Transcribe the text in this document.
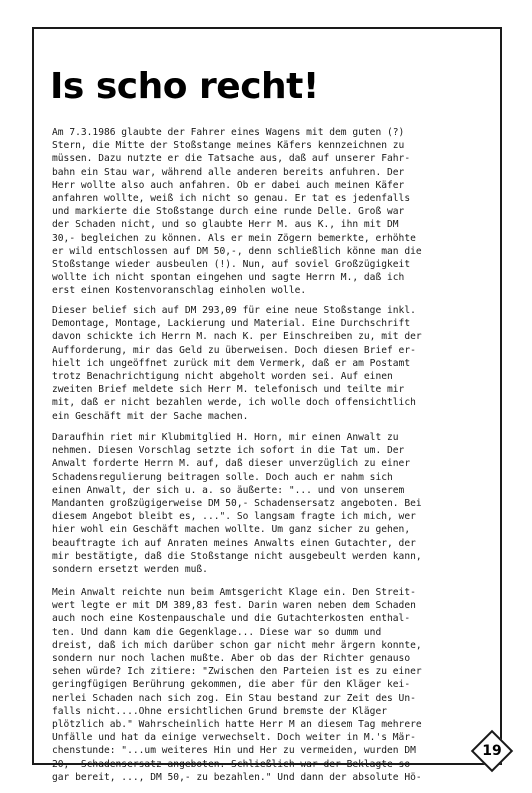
Is scho recht!

Am 7.3.1986 glaubte der Fahrer eines Wagens mit dem guten (?)
Stern, die Mitte der Stoßstange meines Käfers kennzeichnen zu
müssen. Dazu nutzte er die Tatsache aus, daß auf unserer Fahr-
bahn ein Stau war, während alle anderen bereits anfuhren. Der
Herr wollte also auch anfahren. Ob er dabei auch meinen Käfer
anfahren wollte, weiß ich nicht so genau. Er tat es jedenfalls
und markierte die Stoßstange durch eine runde Delle. Groß war
der Schaden nicht, und so glaubte Herr M. aus K., ihn mit DM
30,- begleichen zu können. Als er mein Zögern bemerkte, erhöhte
er wild entschlossen auf DM 50,-, denn schließlich könne man die
Stoßstange wieder ausbeulen (!). Nun, auf soviel Großzügigkeit
wollte ich nicht spontan eingehen und sagte Herrn M., daß ich
erst einen Kostenvoranschlag einholen wolle.

Dieser belief sich auf DM 293,09 für eine neue Stoßstange inkl.
Demontage, Montage, Lackierung und Material. Eine Durchschrift
davon schickte ich Herrn M. nach K. per Einschreiben zu, mit der
Aufforderung, mir das Geld zu überweisen. Doch diesen Brief er-
hielt ich ungeöffnet zurück mit dem Vermerk, daß er am Postamt
trotz Benachrichtigung nicht abgeholt worden sei. Auf einen
zweiten Brief meldete sich Herr M. telefonisch und teilte mir
mit, daß er nicht bezahlen werde, ich wolle doch offensichtlich
ein Geschäft mit der Sache machen.

Daraufhin riet mir Klubmitglied H. Horn, mir einen Anwalt zu
nehmen. Diesen Vorschlag setzte ich sofort in die Tat um. Der
Anwalt forderte Herrn M. auf, daß dieser unverzüglich zu einer
Schadensregulierung beitragen solle. Doch auch er nahm sich
einen Anwalt, der sich u. a. so äußerte: "... und von unserem
Mandanten großzügigerweise DM 50,- Schadensersatz angeboten. Bei
diesem Angebot bleibt es, ...". So langsam fragte ich mich, wer
hier wohl ein Geschäft machen wollte. Um ganz sicher zu gehen,
beauftragte ich auf Anraten meines Anwalts einen Gutachter, der
mir bestätigte, daß die Stoßstange nicht ausgebeult werden kann,
sondern ersetzt werden muß.

Mein Anwalt reichte nun beim Amtsgericht Klage ein. Den Streit-
wert legte er mit DM 389,83 fest. Darin waren neben dem Schaden
auch noch eine Kostenpauschale und die Gutachterkosten enthal-
ten. Und dann kam die Gegenklage... Diese war so dumm und
dreist, daß ich mich darüber schon gar nicht mehr ärgern konnte,
sondern nur noch lachen mußte. Aber ob das der Richter genauso
sehen würde? Ich zitiere: "Zwischen den Parteien ist es zu einer
geringfügigen Berührung gekommen, die aber für den Kläger kei-
nerlei Schaden nach sich zog. Ein Stau bestand zur Zeit des Un-
falls nicht....Ohne ersichtlichen Grund bremste der Kläger
plötzlich ab." Wahrscheinlich hatte Herr M an diesem Tag mehrere
Unfälle und hat da einige verwechselt. Doch weiter in M.'s Mär-
chenstunde: "...um weiteres Hin und Her zu vermeiden, wurden DM
20,- Schadensersatz angeboten. Schließlich war der Beklagte so-
gar bereit, ..., DM 50,- zu bezahlen." Und dann der absolute Hö-

19
